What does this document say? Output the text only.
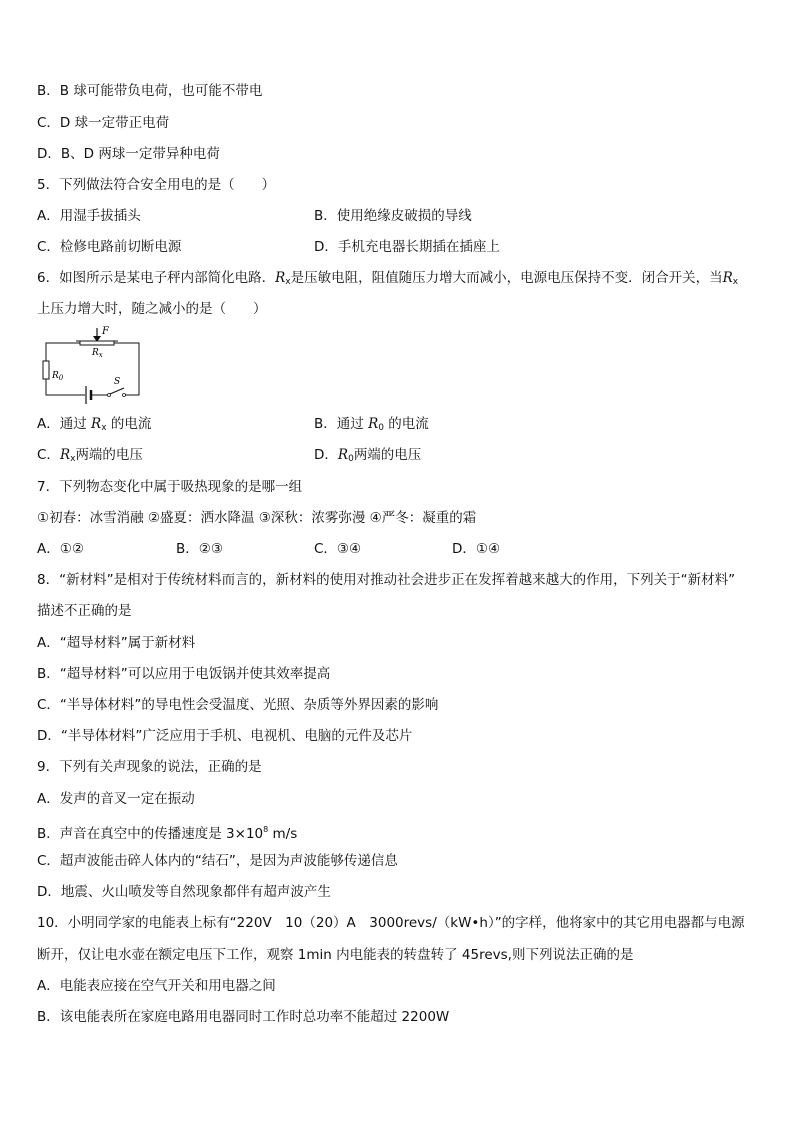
B．B 球可能带负电荷，也可能不带电
C．D 球一定带正电荷
D．B、D 两球一定带异种电荷
5．下列做法符合安全用电的是（　　）
A．用湿手拔插头	B．使用绝缘皮破损的导线
C．检修电路前切断电源	D．手机充电器长期插在插座上
6．如图所示是某电子秤内部简化电路．$R_x$是压敏电阻，阻值随压力增大而减小，电源电压保持不变．闭合开关，当$R_x$
上压力增大时，随之减小的是（　　）
F
$R_x$
$R_0$	S
A．通过 $R_x$ 的电流	B．通过 $R_0$ 的电流
C．$R_x$两端的电压	D．$R_0$两端的电压
7．下列物态变化中属于吸热现象的是哪一组
①初春：冰雪消融 ②盛夏：洒水降温 ③深秋：浓雾弥漫 ④严冬：凝重的霜
A．①②	B．②③	C．③④	D．①④
8．“新材料”是相对于传统材料而言的，新材料的使用对推动社会进步正在发挥着越来越大的作用，下列关于“新材料”
描述不正确的是
A．“超导材料”属于新材料
B．“超导材料”可以应用于电饭锅并使其效率提高
C．“半导体材料”的导电性会受温度、光照、杂质等外界因素的影响
D．“半导体材料”广泛应用于手机、电视机、电脑的元件及芯片
9．下列有关声现象的说法，正确的是
A．发声的音叉一定在振动
B．声音在真空中的传播速度是 $3\times 10^8$ m/s
C．超声波能击碎人体内的“结石”，是因为声波能够传递信息
D．地震、火山喷发等自然现象都伴有超声波产生
10．小明同学家的电能表上标有“220V　10（20）A　3000revs/（kW•h）”的字样，他将家中的其它用电器都与电源
断开，仅让电水壶在额定电压下工作，观察 1min 内电能表的转盘转了 45revs,则下列说法正确的是
A．电能表应接在空气开关和用电器之间
B．该电能表所在家庭电路用电器同时工作时总功率不能超过 2200W
